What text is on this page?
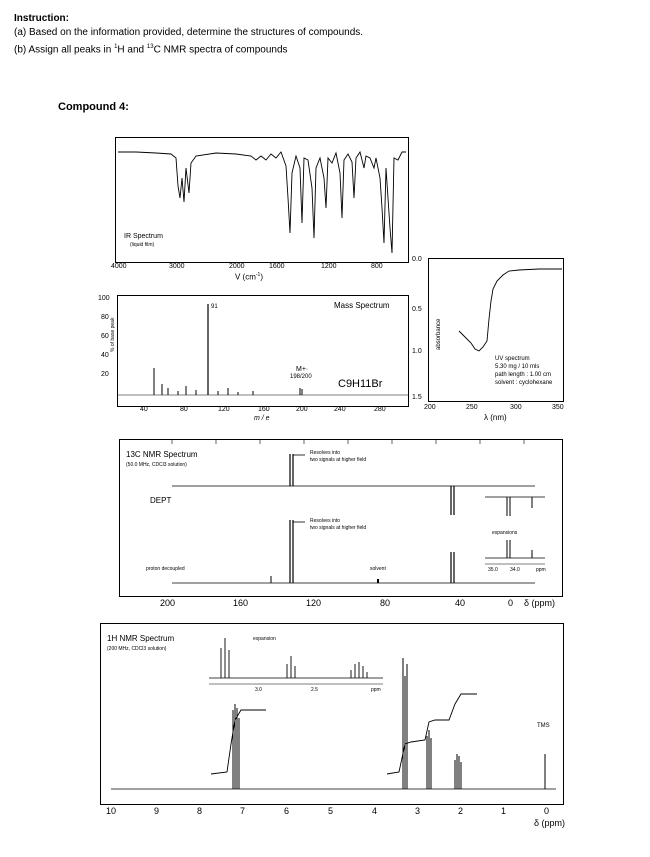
Instruction:
(a) Based on the information provided, determine the structures of compounds.
(b) Assign all peaks in $^1$H and $^{13}$C NMR spectra of compounds
Compound 4:
IR Spectrum
(liquid film)
4000	3000	2000	1600	1200	800
V $(cm^{-1})$
Mass Spectrum
91
M+·
198/200
C9H11Br
100
80
60
40
20
% of base peak
40	80	120	160	200	240	280
m / e
UV spectrum
5.30 mg / 10 mls
path length : 1.00 cm
solvent : cyclohexane
0.0
0.5
1.0
1.5
absorbance
200	250	300	350
λ (nm)
13C NMR Spectrum
(50.0 MHz, CDCl3 solution)
DEPT
Resolves into
two signals at higher field
Resolves into
two signals at higher field
expansions
35.0 34.0	ppm
proton decoupled	solvent
200	160	120	80	40	0 δ (ppm)
1H NMR Spectrum
(200 MHz, CDCl3 solution)
expansion
3.0	2.5	ppm
TMS
10	9	8	7	6	5	4	3	2	1	0
δ (ppm)
